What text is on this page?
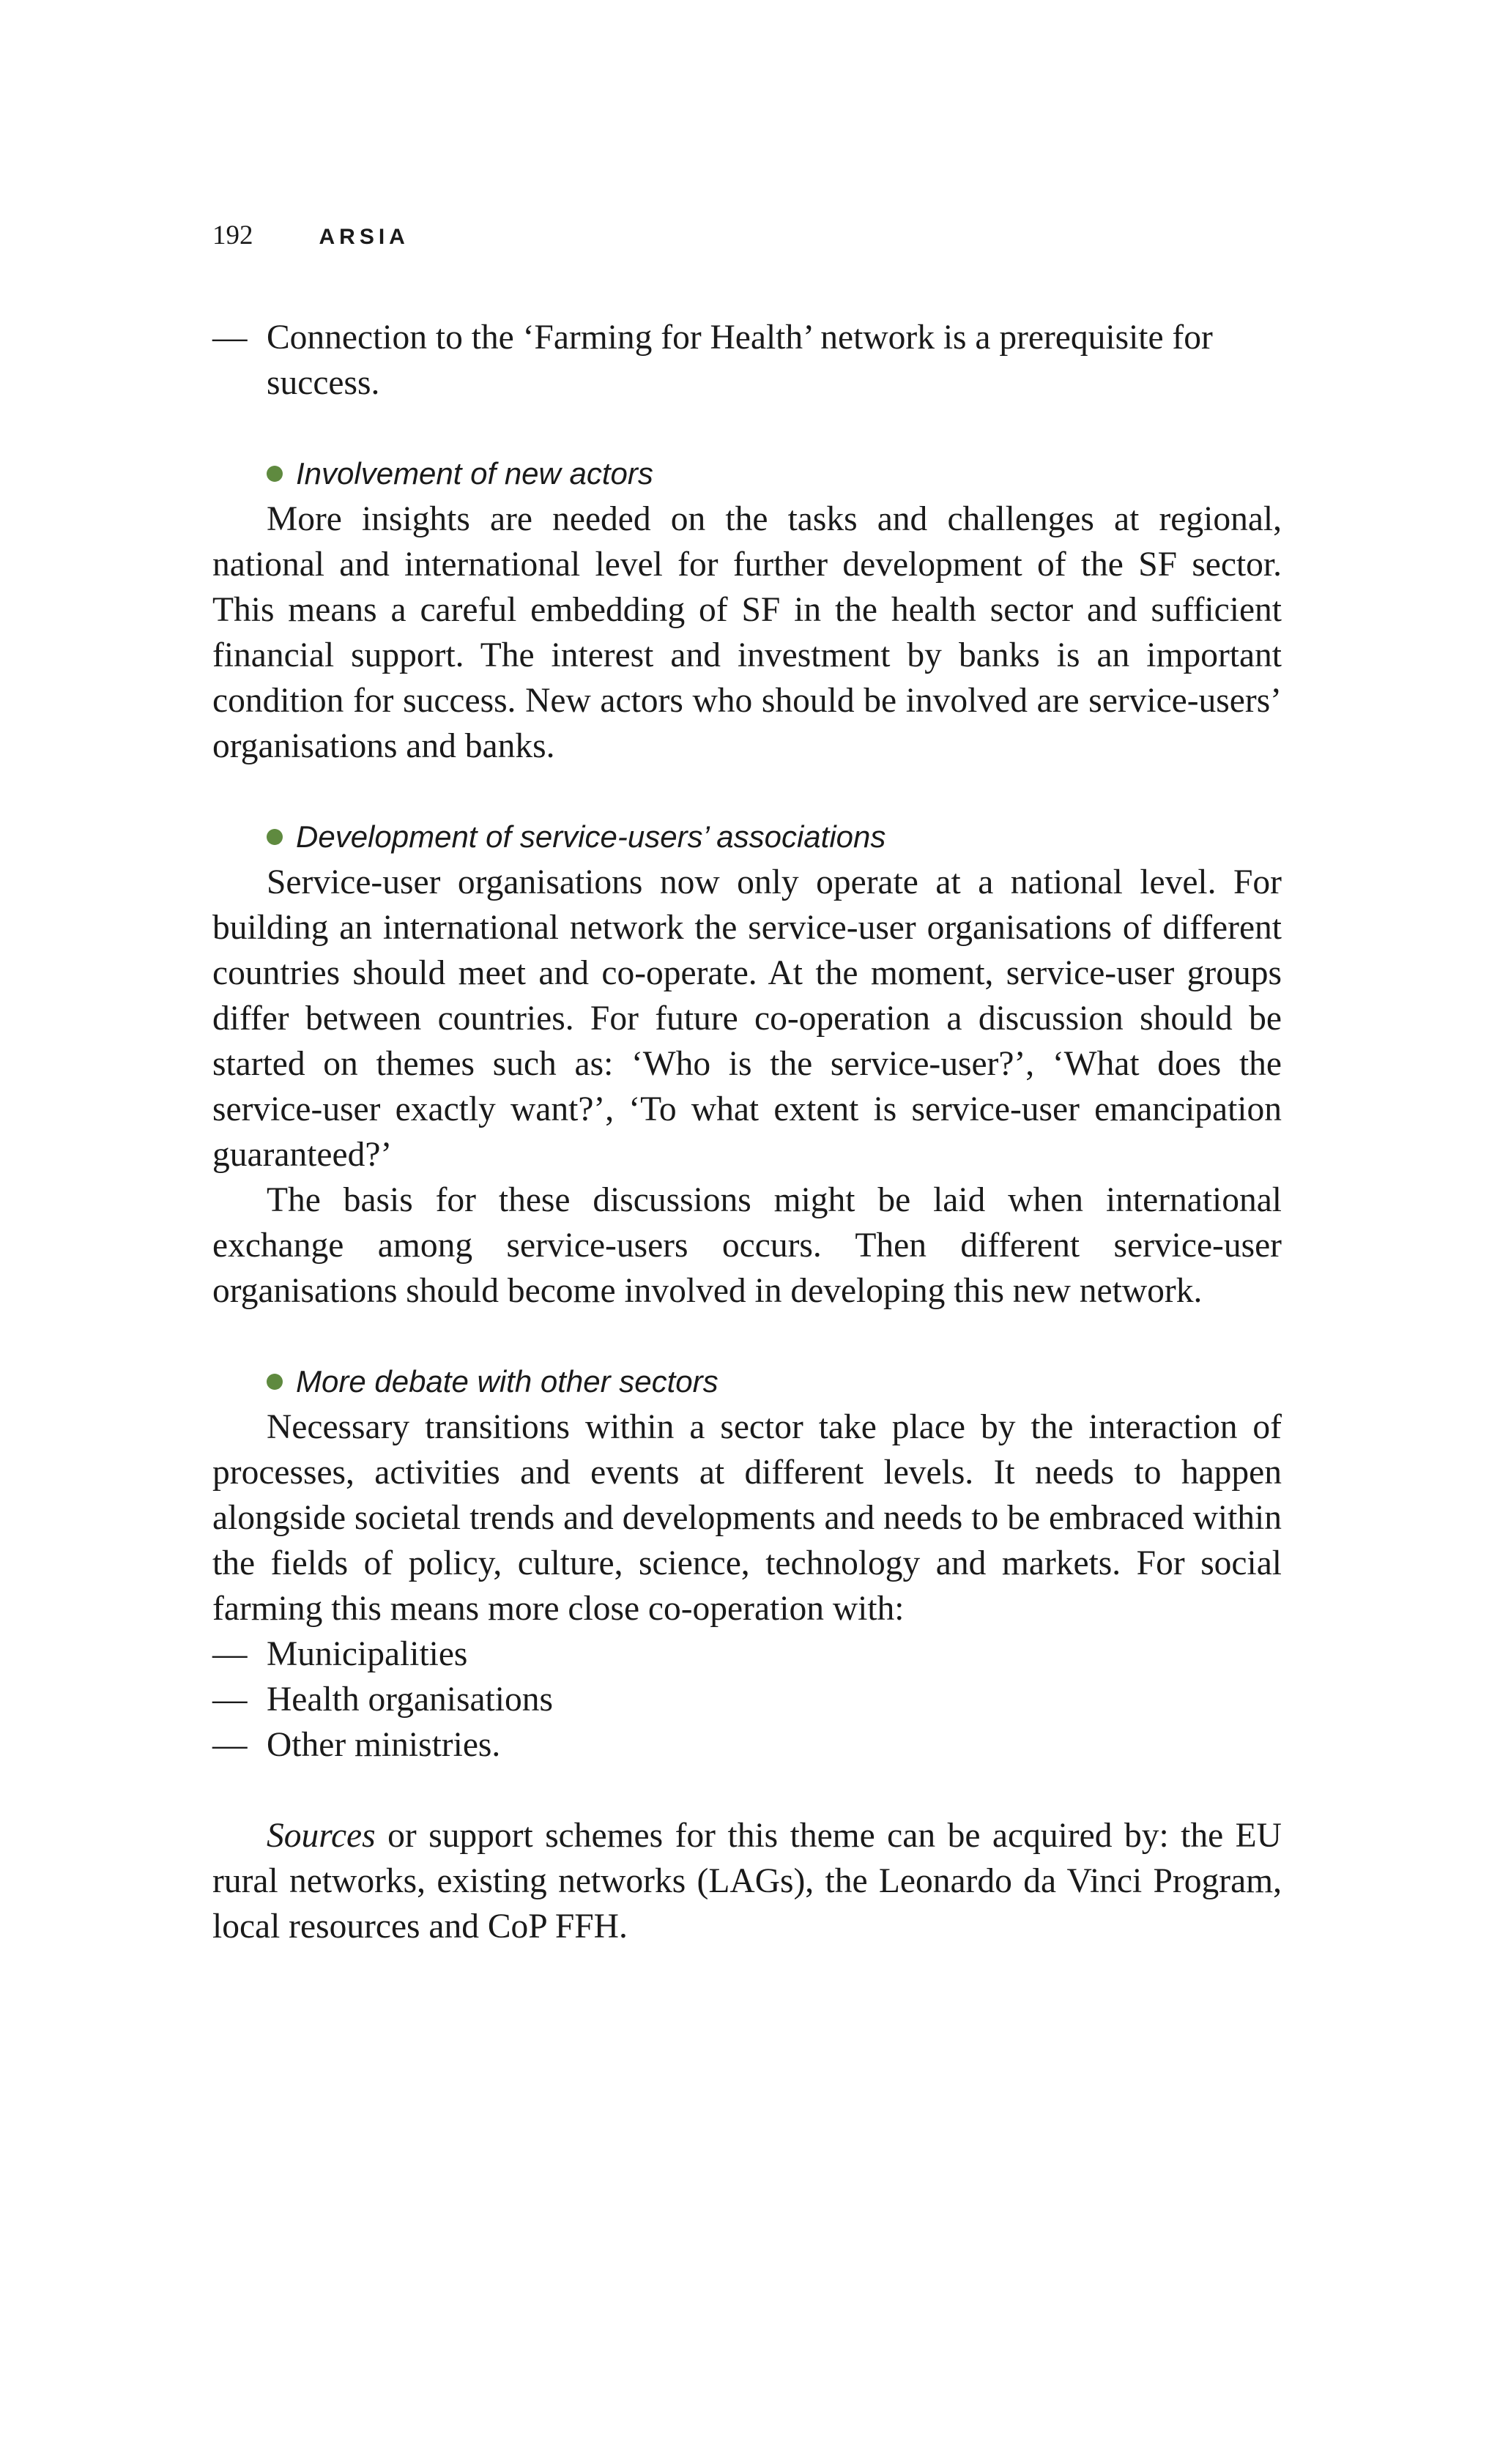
192	ARSIA
— Connection to the ‘Farming for Health’ network is a prerequisite for success.
Involvement of new actors

More insights are needed on the tasks and challenges at regional, national and international level for further development of the SF sector. This means a careful embedding of SF in the health sector and sufficient financial support. The interest and investment by banks is an important condition for success. New actors who should be involved are service-users’ organisations and banks.

Development of service-users’ associations

Service-user organisations now only operate at a national level. For building an international network the service-user organisations of different countries should meet and co-operate. At the moment, service-user groups differ between countries. For future co-operation a discussion should be started on themes such as: ‘Who is the service-user?’, ‘What does the service-user exactly want?’, ‘To what extent is service-user emancipation guaranteed?’

The basis for these discussions might be laid when international exchange among service-users occurs. Then different service-user organisations should become involved in developing this new network.

More debate with other sectors

Necessary transitions within a sector take place by the interaction of processes, activities and events at different levels. It needs to happen alongside societal trends and developments and needs to be embraced within the fields of policy, culture, science, technology and markets. For social farming this means more close co-operation with:

— Municipalities
— Health organisations
— Other ministries.

Sources or support schemes for this theme can be acquired by: the EU rural networks, existing networks (LAGs), the Leonardo da Vinci Program, local resources and CoP FFH.
